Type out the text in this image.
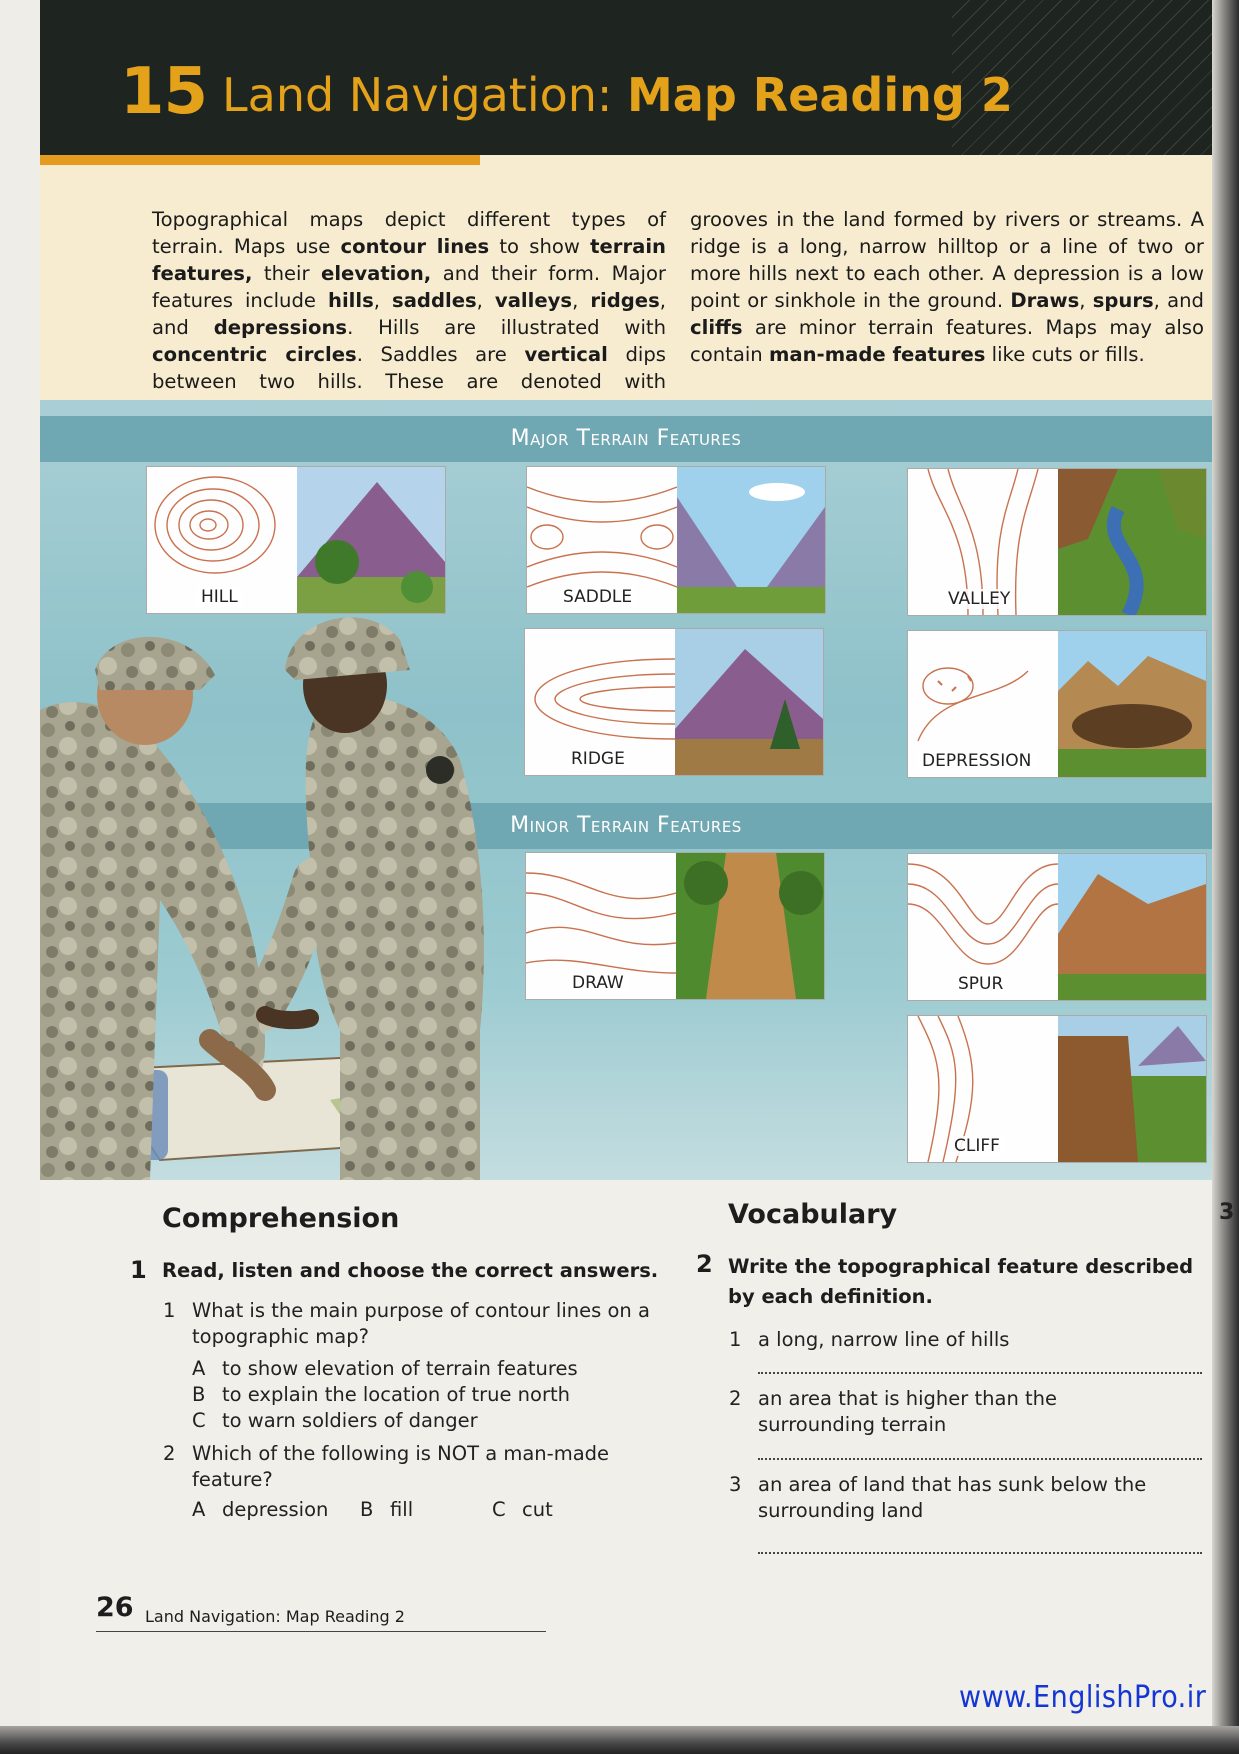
15 Land Navigation: Map Reading 2

Topographical maps depict different types of terrain. Maps use contour lines to show terrain features, their elevation, and their form. Major features include hills, saddles, valleys, ridges, and depressions. Hills are illustrated with concentric circles. Saddles are vertical dips between two hills. These are denoted with

grooves in the land formed by rivers or streams. A ridge is a long, narrow hilltop or a line of two or more hills next to each other. A depression is a low point or sinkhole in the ground. Draws, spurs, and cliffs are minor terrain features. Maps may also contain man-made features like cuts or fills.

Major Terrain Features
Minor Terrain Features
HILL	SADDLE	VALLEY
RIDGE	DEPRESSION
DRAW	SPUR
CLIFF
Comprehension
1 Read, listen and choose the correct answers.
1 What is the main purpose of contour lines on a topographic map?
A to show elevation of terrain features
B to explain the location of true north
C to warn soldiers of danger
2 Which of the following is NOT a man-made feature?
A depression B fill	C cut
Vocabulary
2 Write the topographical feature described by each definition.
1 a long, narrow line of hills
2 an area that is higher than the surrounding terrain
3 an area of land that has sunk below the surrounding land
26 Land Navigation: Map Reading 2
www.EnglishPro.ir
3
